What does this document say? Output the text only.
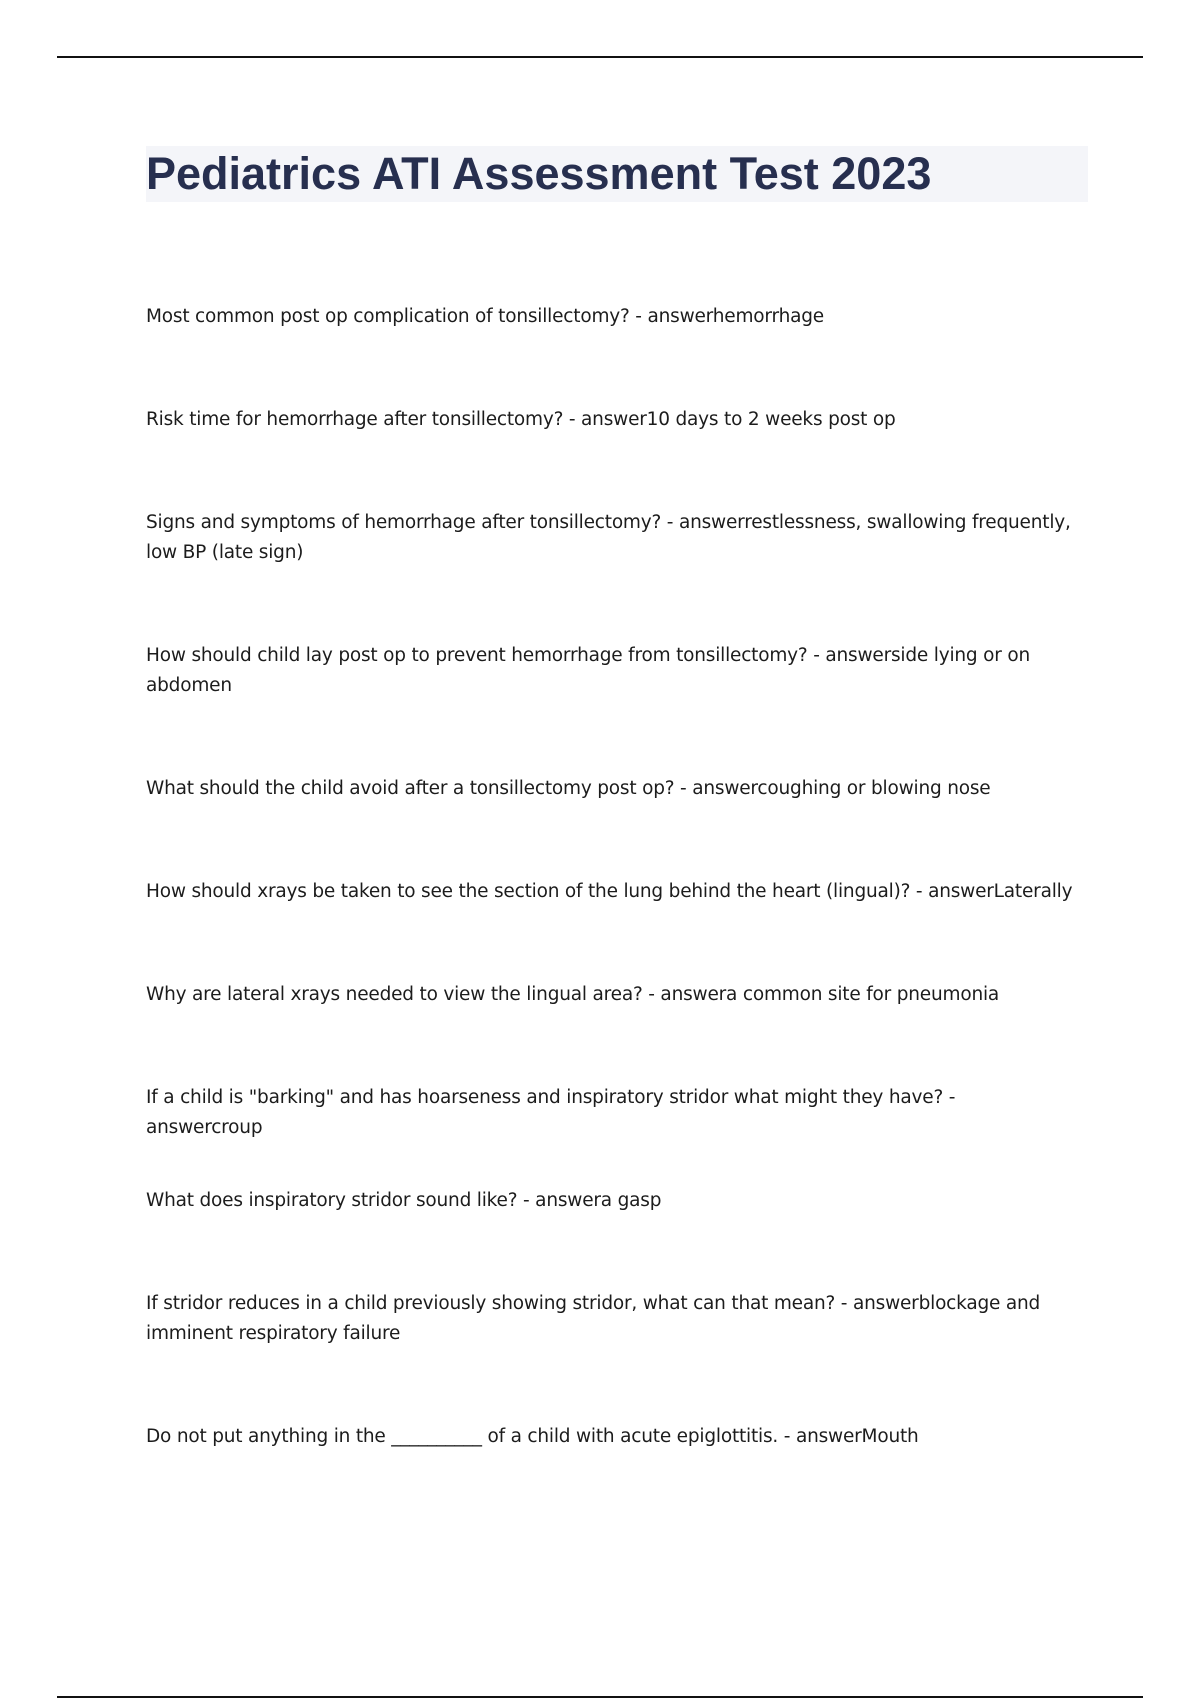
Pediatrics ATI Assessment Test 2023
Most common post op complication of tonsillectomy? - answerhemorrhage
Risk time for hemorrhage after tonsillectomy? - answer10 days to 2 weeks post op
Signs and symptoms of hemorrhage after tonsillectomy? - answerrestlessness, swallowing frequently, low BP (late sign)
How should child lay post op to prevent hemorrhage from tonsillectomy? - answerside lying or on abdomen
What should the child avoid after a tonsillectomy post op? - answercoughing or blowing nose
How should xrays be taken to see the section of the lung behind the heart (lingual)? - answerLaterally
Why are lateral xrays needed to view the lingual area? - answera common site for pneumonia
If a child is "barking" and has hoarseness and inspiratory stridor what might they have? - answercroup
What does inspiratory stridor sound like? - answera gasp
If stridor reduces in a child previously showing stridor, what can that mean? - answerblockage and imminent respiratory failure
Do not put anything in the __________ of a child with acute epiglottitis. - answerMouth
